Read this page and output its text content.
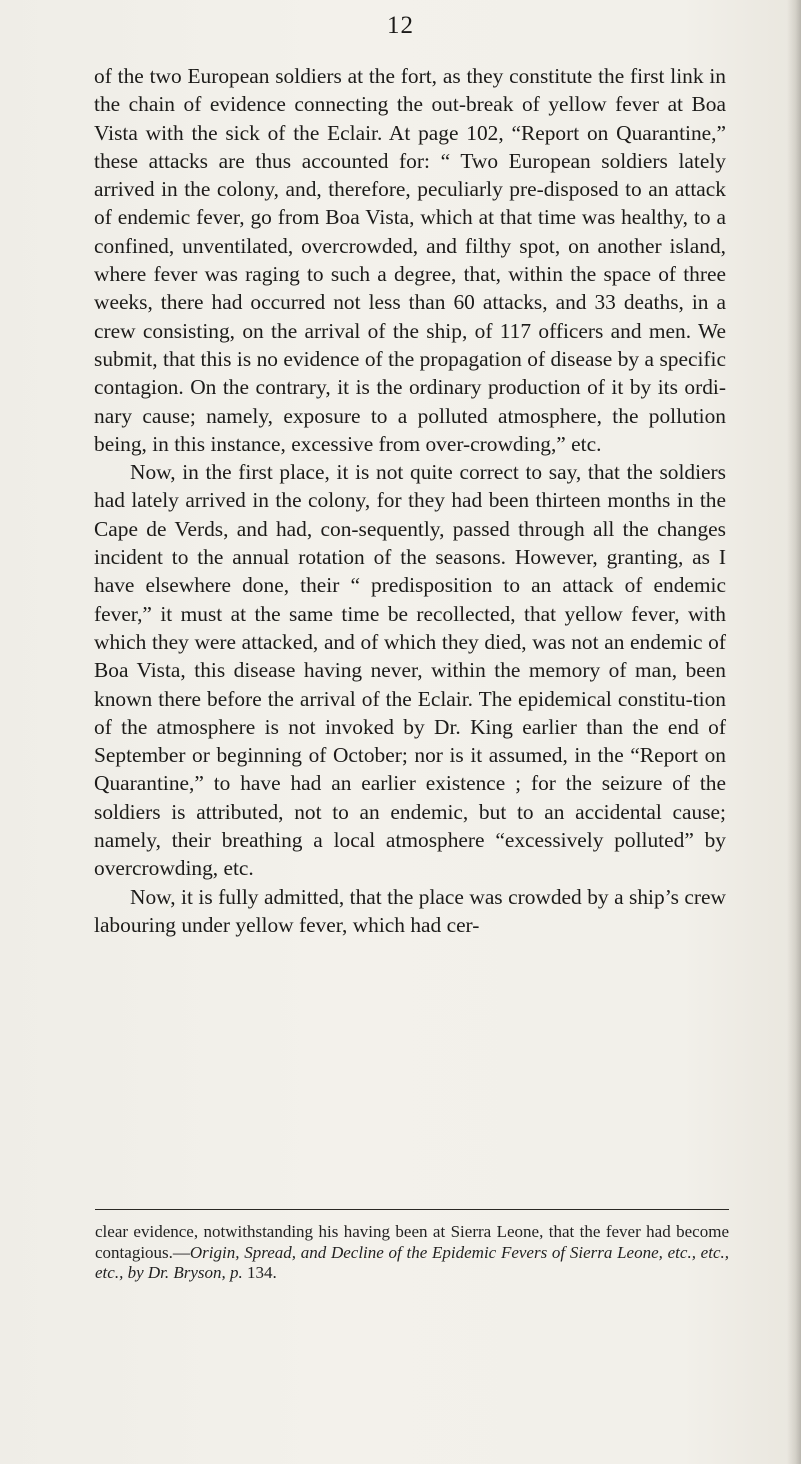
12

of the two European soldiers at the fort, as they constitute the first link in the chain of evidence connecting the out-break of yellow fever at Boa Vista with the sick of the Eclair. At page 102, “Report on Quarantine,” these attacks are thus accounted for: “ Two European soldiers lately arrived in the colony, and, therefore, peculiarly pre-disposed to an attack of endemic fever, go from Boa Vista, which at that time was healthy, to a confined, unventilated, overcrowded, and filthy spot, on another island, where fever was raging to such a degree, that, within the space of three weeks, there had occurred not less than 60 attacks, and 33 deaths, in a crew consisting, on the arrival of the ship, of 117 officers and men. We submit, that this is no evidence of the propagation of disease by a specific contagion. On the contrary, it is the ordinary production of it by its ordi-nary cause; namely, exposure to a polluted atmosphere, the pollution being, in this instance, excessive from over-crowding,” etc.

Now, in the first place, it is not quite correct to say, that the soldiers had lately arrived in the colony, for they had been thirteen months in the Cape de Verds, and had, con-sequently, passed through all the changes incident to the annual rotation of the seasons. However, granting, as I have elsewhere done, their “ predisposition to an attack of endemic fever,” it must at the same time be recollected, that yellow fever, with which they were attacked, and of which they died, was not an endemic of Boa Vista, this disease having never, within the memory of man, been known there before the arrival of the Eclair. The epidemical constitu-tion of the atmosphere is not invoked by Dr. King earlier than the end of September or beginning of October; nor is it assumed, in the “Report on Quarantine,” to have had an earlier existence ; for the seizure of the soldiers is attributed, not to an endemic, but to an accidental cause; namely, their breathing a local atmosphere “excessively polluted” by overcrowding, etc.

Now, it is fully admitted, that the place was crowded by a ship’s crew labouring under yellow fever, which had cer-

clear evidence, notwithstanding his having been at Sierra Leone, that the fever had become contagious.—Origin, Spread, and Decline of the Epidemic Fevers of Sierra Leone, etc., etc., etc., by Dr. Bryson, p. 134.
